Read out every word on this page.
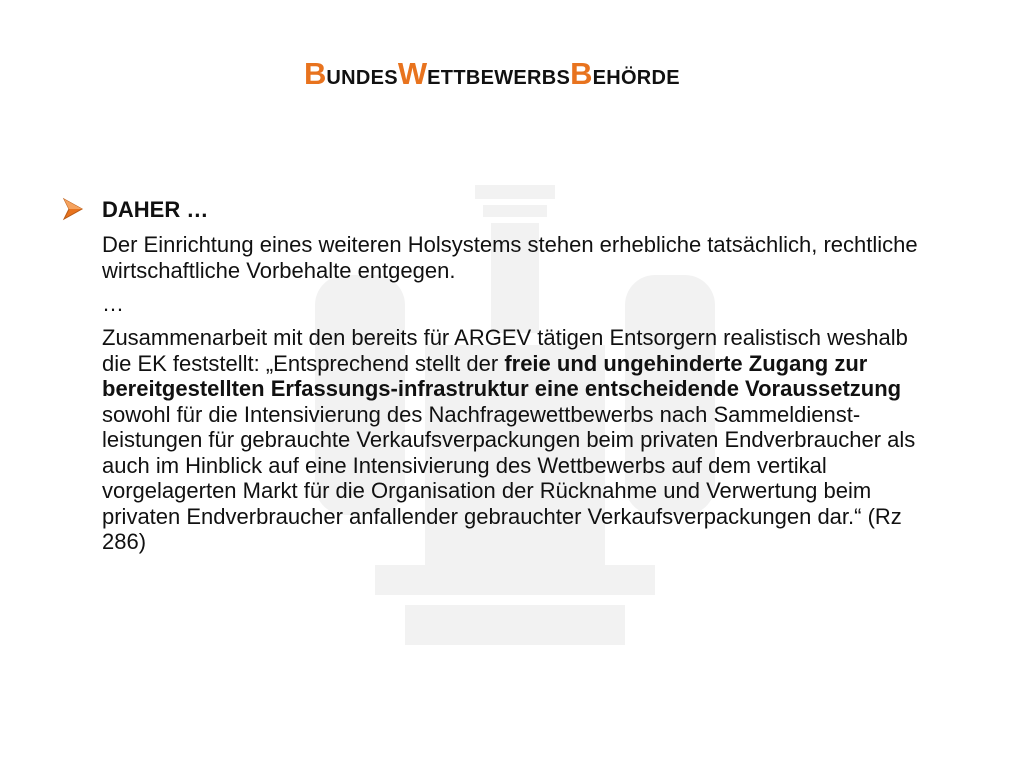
BUNDESWETTBEWERBSBEHÖRDE
DAHER …
Der Einrichtung eines weiteren Holsystems stehen erhebliche tatsächlich, rechtliche wirtschaftliche Vorbehalte entgegen.
…
Zusammenarbeit mit den bereits für ARGEV tätigen Entsorgern realistisch weshalb die EK feststellt: „Entsprechend stellt der freie und ungehinderte Zugang zur bereitgestellten Erfassungs-infrastruktur eine entscheidende Voraussetzung sowohl für die Intensivierung des Nachfragewettbewerbs nach Sammeldienst-leistungen für gebrauchte Verkaufsverpackungen beim privaten Endverbraucher als auch im Hinblick auf eine Intensivierung des Wettbewerbs auf dem vertikal vorgelagerten Markt für die Organisation der Rücknahme und Verwertung beim privaten Endverbraucher anfallender gebrauchter Verkaufsverpackungen dar.“ (Rz 286)
